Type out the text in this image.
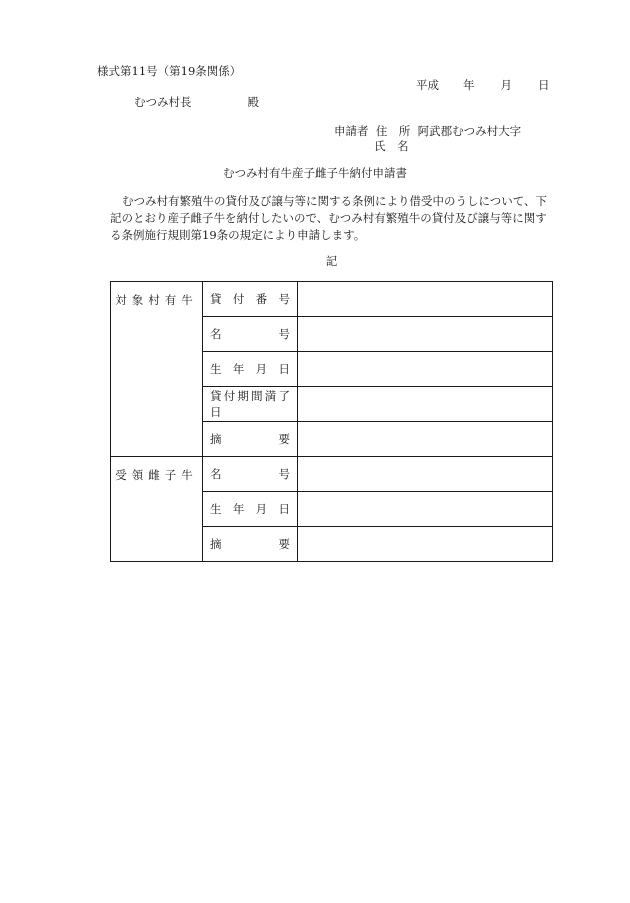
様式第11号（第19条関係）
平成 年 月 日
むつみ村長	殿
申請者 住　所 阿武郡むつみ村大字
氏　名
むつみ村有牛産子雌子牛納付申請書
むつみ村有繁殖牛の貸付及び譲与等に関する条例により借受中のうしについて、下記のとおり産子雌子牛を納付したいので、むつみ村有繁殖牛の貸付及び譲与等に関する条例施行規則第19条の規定により申請します。
記
対象村有牛	貸付番号	

	名号	

	生年月日	

	貸付期間満了日	

	摘要	

受領雌子牛	名号	

	生年月日	

	摘要	
